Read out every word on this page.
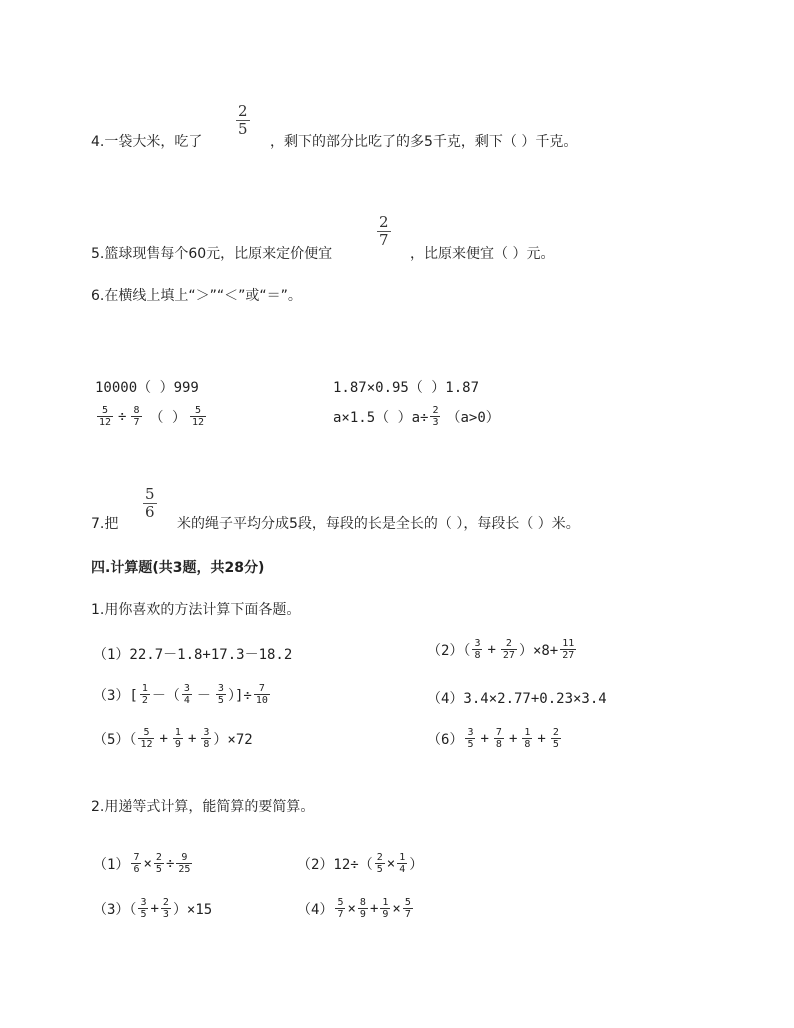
4.一袋大米，吃了
$\frac{2}{5}$
，剩下的部分比吃了的多5千克，剩下（ ）千克。
5.篮球现售每个60元，比原来定价便宜
$\frac{2}{7}$
，比原来便宜（ ）元。
6.在横线上填上“＞”“＜”或“＝”。
10000（ ）999	1.87×0.95（ ）1.87
$\frac{5}{12} \div \frac{8}{7}$ （ ） $\frac{5}{12}$	a×1.5（ ）$a\div \frac{2}{3} (a>0)$
7.把
$\frac{5}{6}$
米的绳子平均分成5段，每段的长是全长的（ ），每段长（ ）米。
四.计算题(共3题，共28分)
1.用你喜欢的方法计算下面各题。
（1）22.7－1.8+17.3－18.2	$(2)( \frac{3}{8} + \frac{2}{27} )\times 8+ \frac{11}{27}$
$(3)[ \frac{1}{2}$ －（ $\frac{3}{4} - \frac{3}{5}$ ）]÷ $\frac{7}{10}$	（4）3.4×2.77+0.23×3.4
$(5)( \frac{5}{12} + \frac{1}{9} + \frac{3}{8} )\times 72$	$(6) \frac{3}{5} + \frac{7}{8} + \frac{1}{8} + \frac{2}{5}$
2.用递等式计算，能简算的要简算。
$(1) \frac{7}{6} \times \frac{2}{5} \div \frac{9}{25}$	$(2)12\div( \frac{2}{5} \times \frac{1}{4}$ ）
$(3)( \frac{3}{5} + \frac{2}{3} )\times 15$	$(4) \frac{5}{7} \times \frac{8}{9} + \frac{1}{9} \times \frac{5}{7}$
